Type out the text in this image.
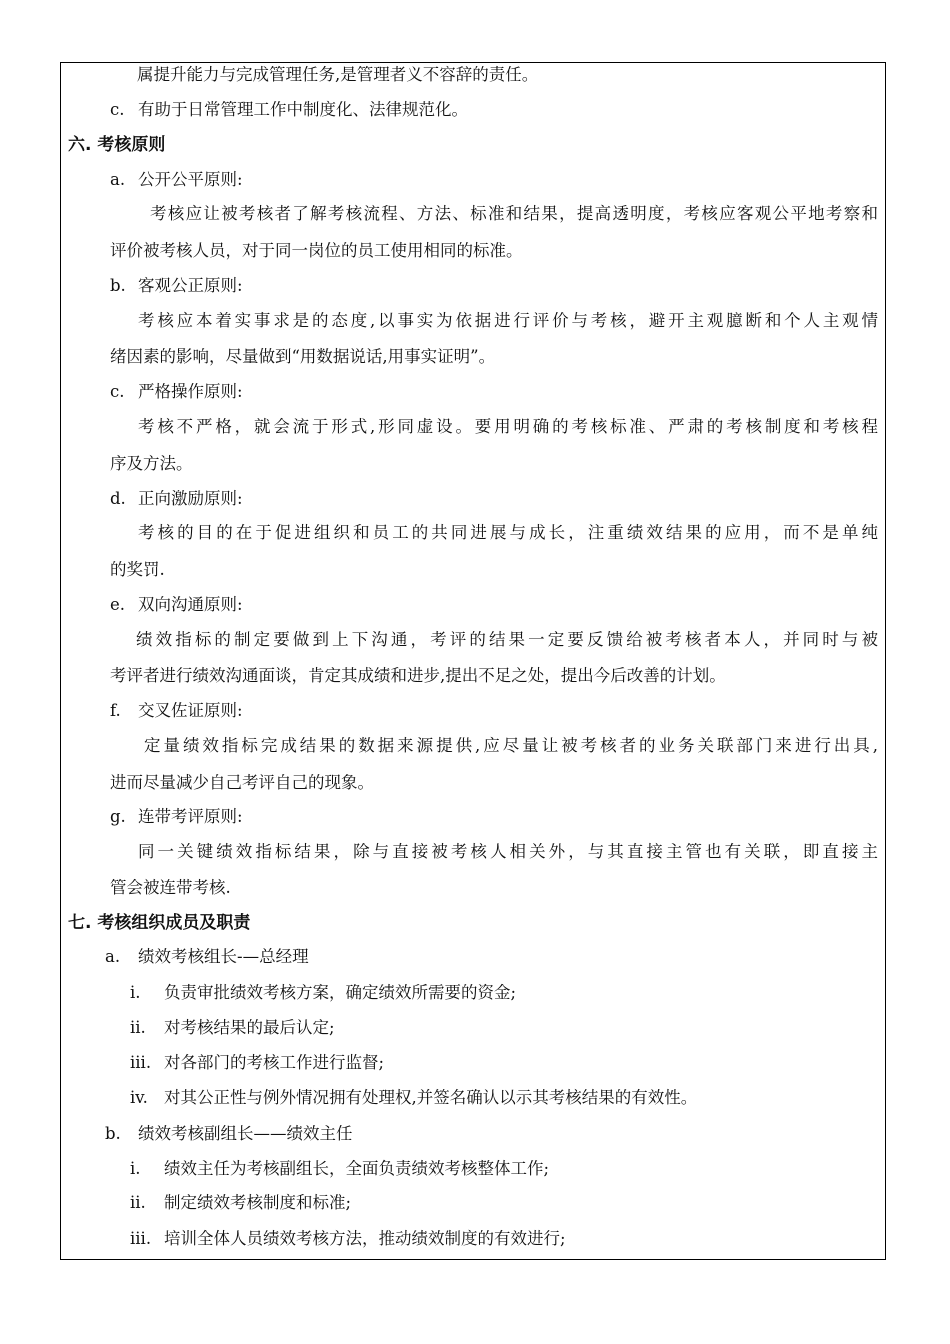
属提升能力与完成管理任务,是管理者义不容辞的责任。
c. 有助于日常管理工作中制度化、法律规范化。
六. 考核原则
a. 公开公平原则:
考核应让被考核者了解考核流程、方法、标准和结果，提高透明度，考核应客观公平地考察和
评价被考核人员，对于同一岗位的员工使用相同的标准。
b. 客观公正原则:
考核应本着实事求是的态度,以事实为依据进行评价与考核，避开主观臆断和个人主观情
绪因素的影响，尽量做到“用数据说话,用事实证明”。
c. 严格操作原则:
考核不严格，就会流于形式,形同虚设。要用明确的考核标准、严肃的考核制度和考核程
序及方法。
d. 正向激励原则:
考核的目的在于促进组织和员工的共同进展与成长，注重绩效结果的应用，而不是单纯
的奖罚.
e. 双向沟通原则:
绩效指标的制定要做到上下沟通，考评的结果一定要反馈给被考核者本人，并同时与被
考评者进行绩效沟通面谈，肯定其成绩和进步,提出不足之处，提出今后改善的计划。
f. 交叉佐证原则:
定量绩效指标完成结果的数据来源提供,应尽量让被考核者的业务关联部门来进行出具,
进而尽量减少自己考评自己的现象。
g. 连带考评原则:
同一关键绩效指标结果，除与直接被考核人相关外，与其直接主管也有关联，即直接主
管会被连带考核.
七. 考核组织成员及职责
a. 绩效考核组长-—总经理
i. 负责审批绩效考核方案，确定绩效所需要的资金;
ii. 对考核结果的最后认定;
iii. 对各部门的考核工作进行监督;
iv. 对其公正性与例外情况拥有处理权,并签名确认以示其考核结果的有效性。
b. 绩效考核副组长——绩效主任
i. 绩效主任为考核副组长，全面负责绩效考核整体工作;
ii. 制定绩效考核制度和标准;
iii. 培训全体人员绩效考核方法，推动绩效制度的有效进行;
